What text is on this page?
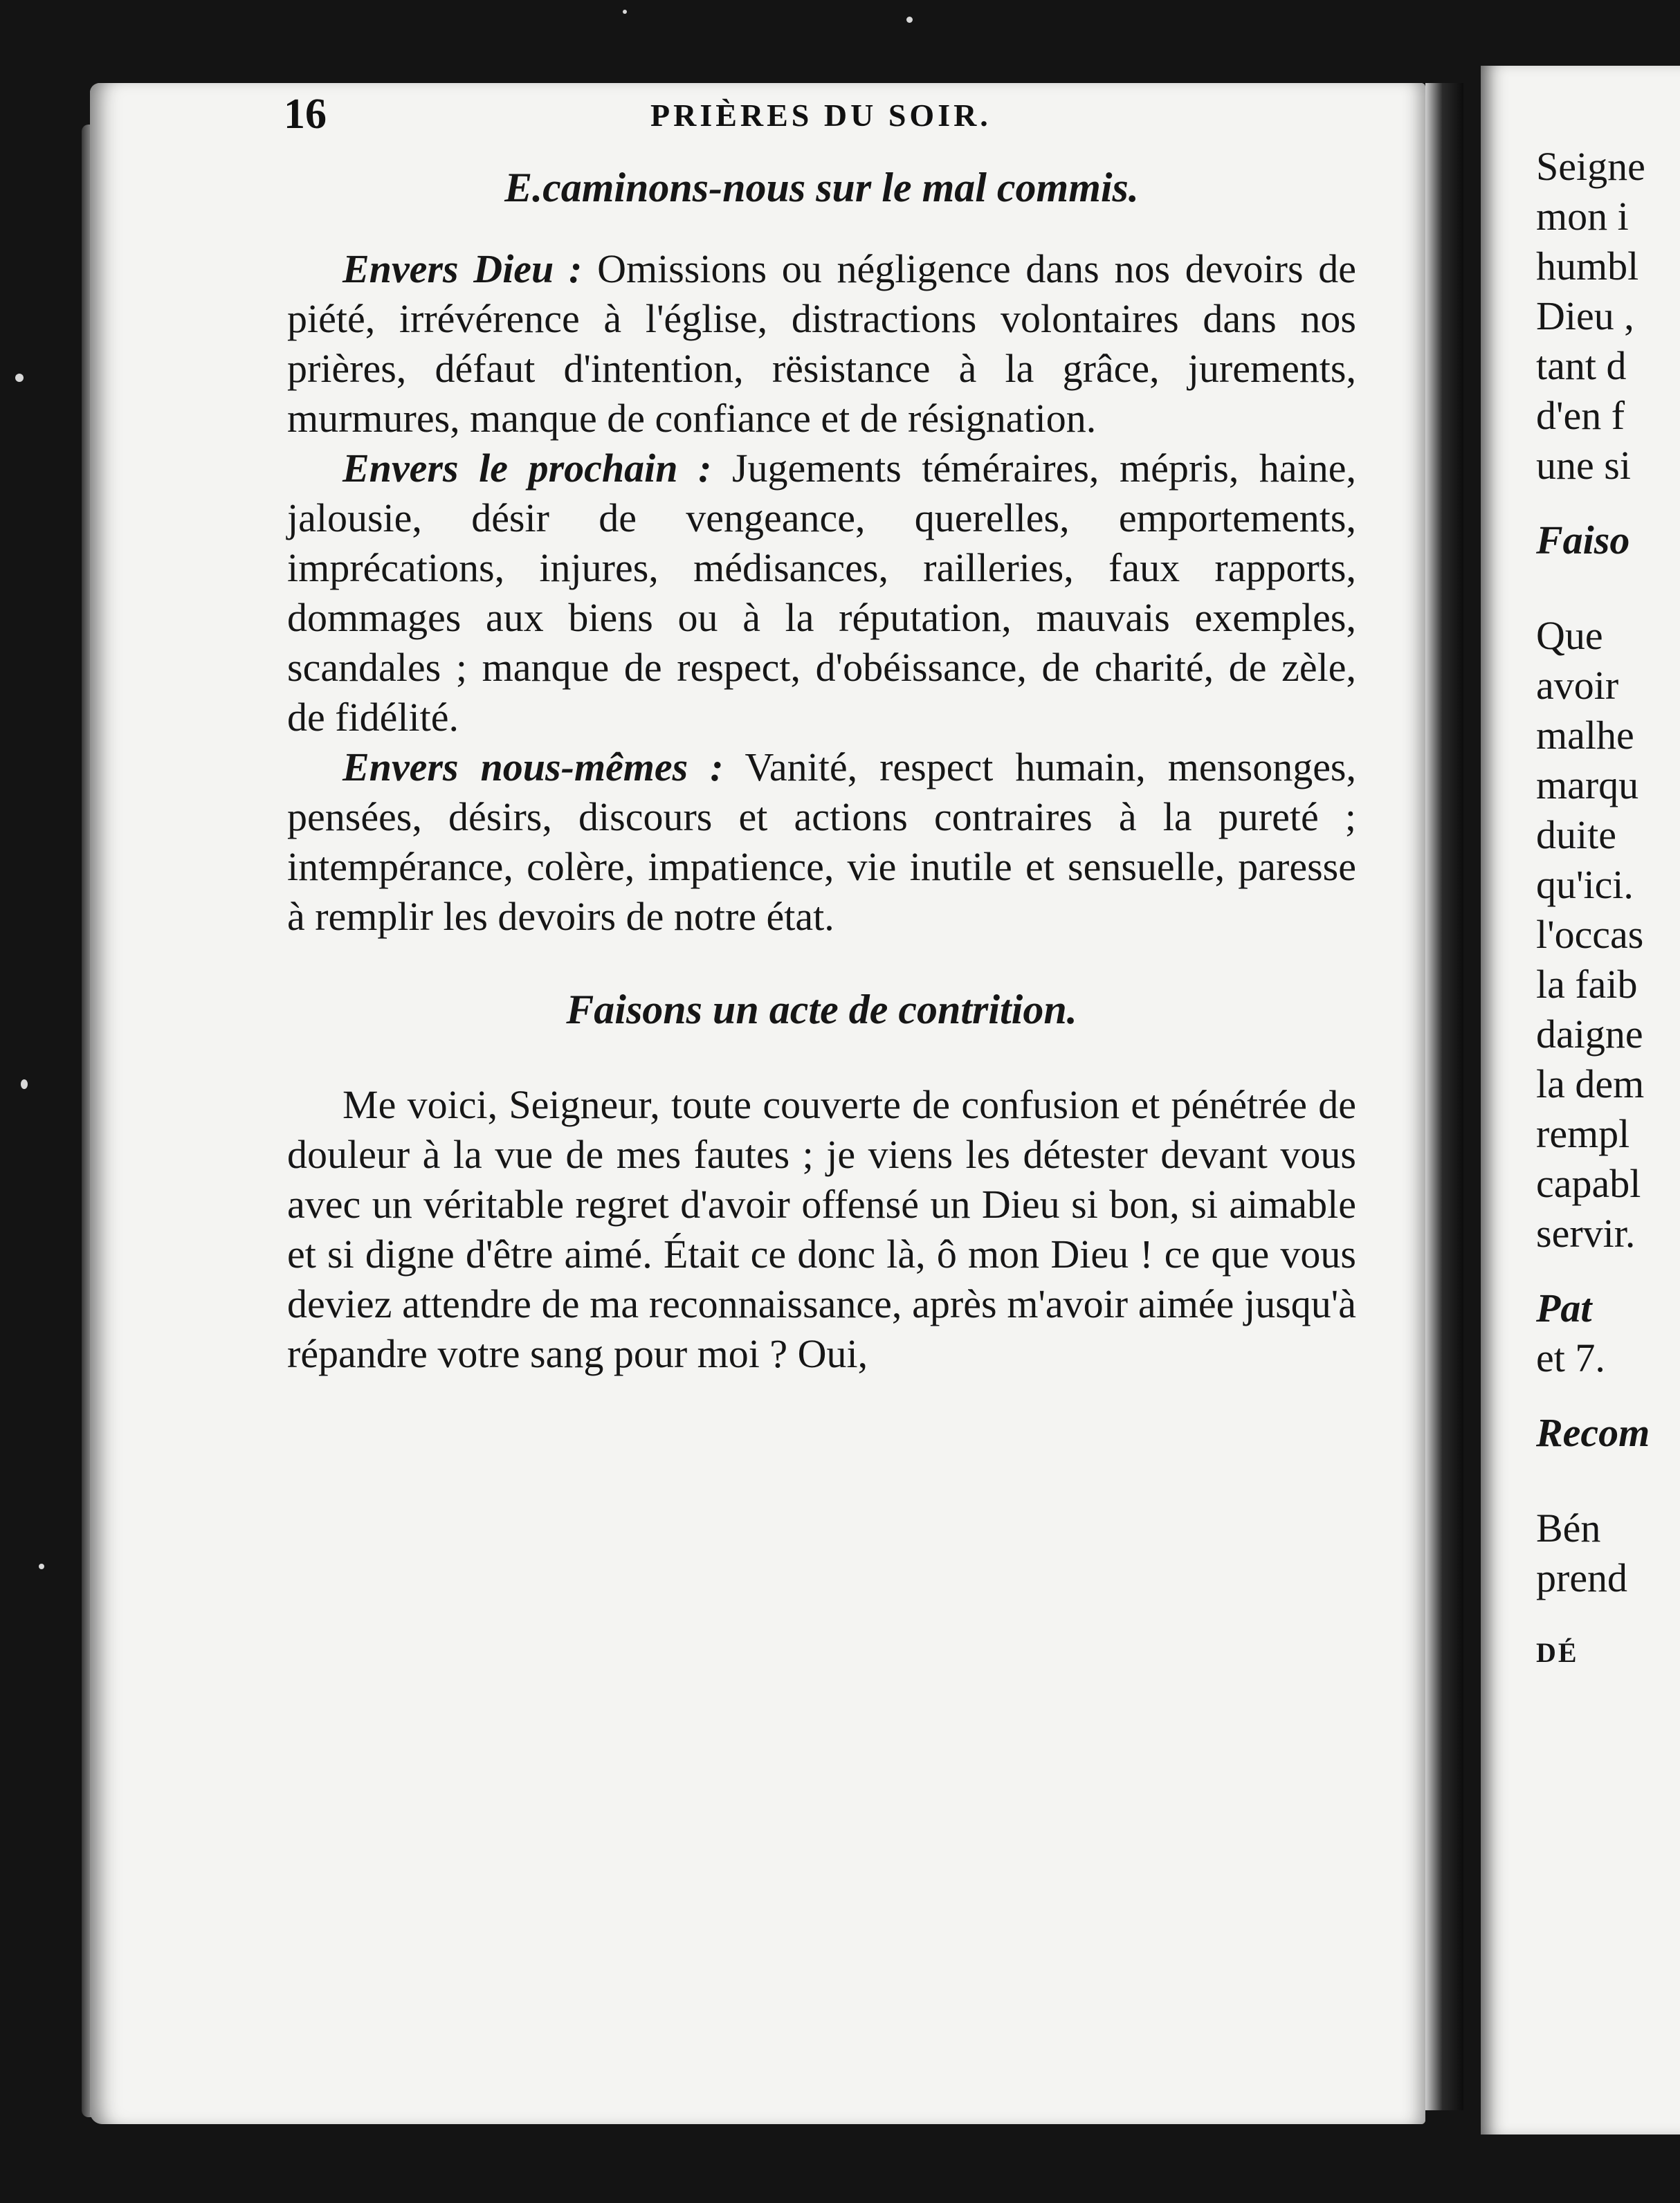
16	PRIÈRES DU SOIR.
E.caminons-nous sur le mal commis.

Envers Dieu : Omissions ou négligence dans nos devoirs de piété, irrévérence à l'église, distractions volontaires dans nos prières, défaut d'intention, rësistance à la grâce, jurements, murmures, manque de confiance et de résignation.

Envers le prochain : Jugements téméraires, mépris, haine, jalousie, désir de vengeance, querelles, emportements, imprécations, injures, médisances, railleries, faux rapports, dommages aux biens ou à la réputation, mauvais exemples, scandales ; manque de respect, d'obéissance, de charité, de zèle, de fidélité.

Envers nous-mêmes : Vanité, respect humain, mensonges, pensées, désirs, discours et actions contraires à la pureté ; intempérance, colère, impatience, vie inutile et sensuelle, paresse à remplir les devoirs de notre état.

Faisons un acte de contrition.

Me voici, Seigneur, toute couverte de confusion et pénétrée de douleur à la vue de mes fautes ; je viens les détester devant vous avec un véritable regret d'avoir offensé un Dieu si bon, si aimable et si digne d'être aimé. Était ce donc là, ô mon Dieu ! ce que vous deviez attendre de ma reconnaissance, après m'avoir aimée jusqu'à répandre votre sang pour moi ? Oui,

Seigne
mon i
humbl
Dieu ,
tant d
d'en f
une si
Faiso
Que
avoir
malhe
marqu
duite
qu'ici.
l'occas
la faib
daigne
la dem
rempl
capabl
servir.
Pat
et 7.
Recom
Bén
prend
DÉ
